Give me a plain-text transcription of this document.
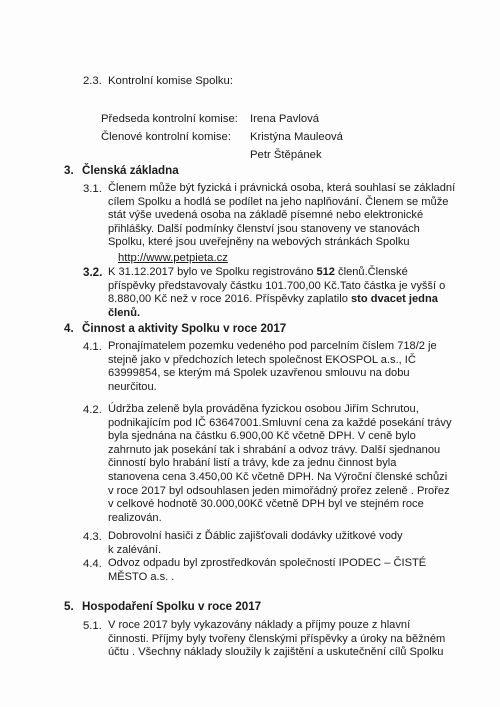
2.3. Kontrolní komise Spolku:
Předseda kontrolní komise: Irena Pavlová
Členové kontrolní komise: Kristýna Mauleová
Petr Štěpánek
3. Členská základna
3.1. Členem může být fyzická i právnická osoba, která souhlasí se základní
cílem Spolku a hodlá se podílet na jeho naplňování. Členem se může
stát výše uvedená osoba na základě písemné nebo elektronické
přihlášky. Další podmínky členství jsou stanoveny ve stanovách
Spolku, které jsou uveřejněny na webových stránkách Spolku
http://www.petpieta.cz
3.2. K 31.12.2017 bylo ve Spolku registrováno 512 členů.Členské
příspěvky představovaly částku 101.700,00 Kč.Tato částka je vyšší o
8.880,00 Kč než v roce 2016. Příspěvky zaplatilo sto dvacet jedna
členů.
4. Činnost a aktivity Spolku v roce 2017
4.1. Pronajímatelem pozemku vedeného pod parcelním číslem 718/2 je
stejně jako v předchozích letech společnost EKOSPOL a.s., IČ
63999854, se kterým má Spolek uzavřenou smlouvu na dobu
neurčitou.
4.2. Údržba zeleně byla prováděna fyzickou osobou Jiřím Schrutou,
podnikajícím pod IČ 63647001.Smluvní cena za každé posekání trávy
byla sjednána na částku 6.900,00 Kč včetně DPH. V ceně bylo
zahrnuto jak posekání tak i shrabání a odvoz trávy. Další sjednanou
činností bylo hrabání listí a trávy, kde za jednu činnost byla
stanovena cena 3.450,00 Kč včetně DPH. Na Výroční členské schůzi
v roce 2017 byl odsouhlasen jeden mimořádný prořez zeleně . Prořez
v celkové hodnotě 30.000,00Kč včetně DPH byl ve stejném roce
realizován.
4.3. Dobrovolní hasiči z Ďáblic zajišťovali dodávky užitkové vody
k zalévání.
4.4. Odvoz odpadu byl zprostředkován společností IPODEC – ČISTÉ
MĚSTO a.s. .
5. Hospodaření Spolku v roce 2017
5.1. V roce 2017 byly vykazovány náklady a příjmy pouze z hlavní
činnosti. Příjmy byly tvořeny členskými příspěvky a úroky na běžném
účtu . Všechny náklady sloužily k zajištění a uskutečnění cílů Spolku
